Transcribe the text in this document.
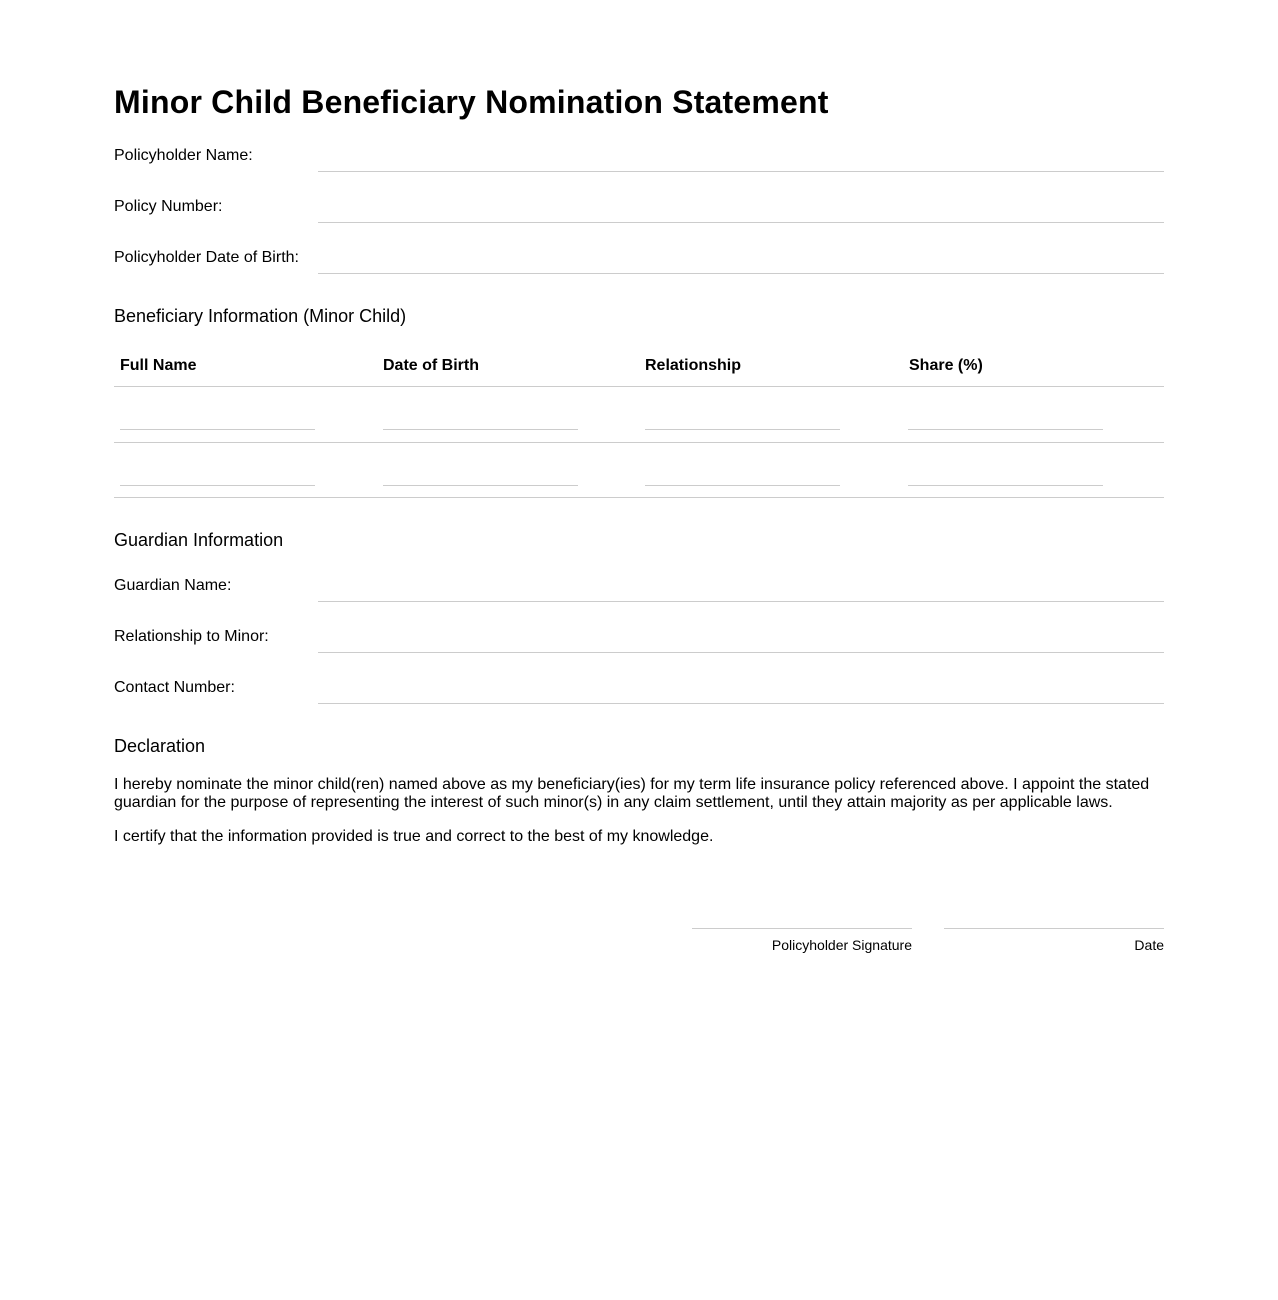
Minor Child Beneficiary Nomination Statement
Policyholder Name:
Policy Number:
Policyholder Date of Birth:
Beneficiary Information (Minor Child)
Full Name	Date of Birth	Relationship	Share (%)
Guardian Information
Guardian Name:
Relationship to Minor:
Contact Number:
Declaration

I hereby nominate the minor child(ren) named above as my beneficiary(ies) for my term life insurance policy referenced above. I appoint the stated guardian for the purpose of representing the interest of such minor(s) in any claim settlement, until they attain majority as per applicable laws.

I certify that the information provided is true and correct to the best of my knowledge.

Policyholder Signature	Date
